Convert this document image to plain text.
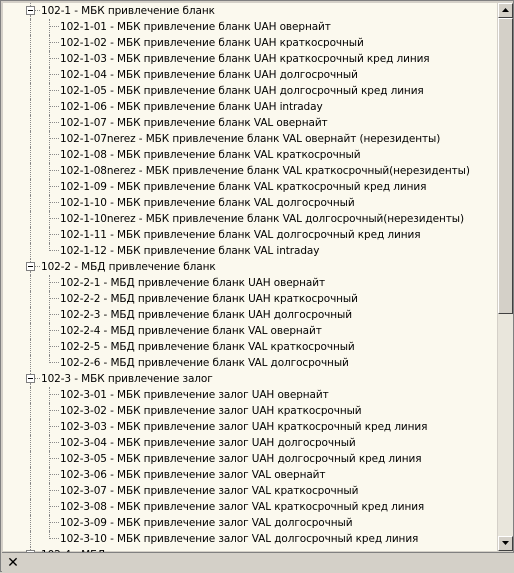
102-1 - МБК привлечение бланк
102-1-01 - МБК привлечение бланк UAH овернайт
102-1-02 - МБК привлечение бланк UAH краткосрочный
102-1-03 - МБК привлечение бланк UAH краткосрочный кред линия
102-1-04 - МБК привлечение бланк UAH долгосрочный
102-1-05 - МБК привлечение бланк UAH долгосрочный кред линия
102-1-06 - МБК привлечение бланк UAH intraday
102-1-07 - МБК привлечение бланк VAL овернайт
102-1-07nerez - МБК привлечение бланк VAL овернайт (нерезиденты)
102-1-08 - МБК привлечение бланк VAL краткосрочный
102-1-08nerez - МБК привлечение бланк VAL краткосрочный(нерезиденты)
102-1-09 - МБК привлечение бланк VAL краткосрочный кред линия
102-1-10 - МБК привлечение бланк VAL долгосрочный
102-1-10nerez - МБК привлечение бланк VAL долгосрочный(нерезиденты)
102-1-11 - МБК привлечение бланк VAL долгосрочный кред линия
102-1-12 - МБК привлечение бланк VAL intraday
102-2 - МБД привлечение бланк
102-2-1 - МБД привлечение бланк UAH овернайт
102-2-2 - МБД привлечение бланк UAH краткосрочный
102-2-3 - МБД привлечение бланк UAH долгосрочный
102-2-4 - МБД привлечение бланк VAL овернайт
102-2-5 - МБД привлечение бланк VAL краткосрочный
102-2-6 - МБД привлечение бланк VAL долгосрочный
102-3 - МБК привлечение залог
102-3-01 - МБК привлечение залог UAH овернайт
102-3-02 - МБК привлечение залог UAH краткосрочный
102-3-03 - МБК привлечение залог UAH краткосрочный кред линия
102-3-04 - МБК привлечение залог UAH долгосрочный
102-3-05 - МБК привлечение залог UAH долгосрочный кред линия
102-3-06 - МБК привлечение залог VAL овернайт
102-3-07 - МБК привлечение залог VAL краткосрочный
102-3-08 - МБК привлечение залог VAL краткосрочный кред линия
102-3-09 - МБК привлечение залог VAL долгосрочный
102-3-10 - МБК привлечение залог VAL долгосрочный кред линия
✕
